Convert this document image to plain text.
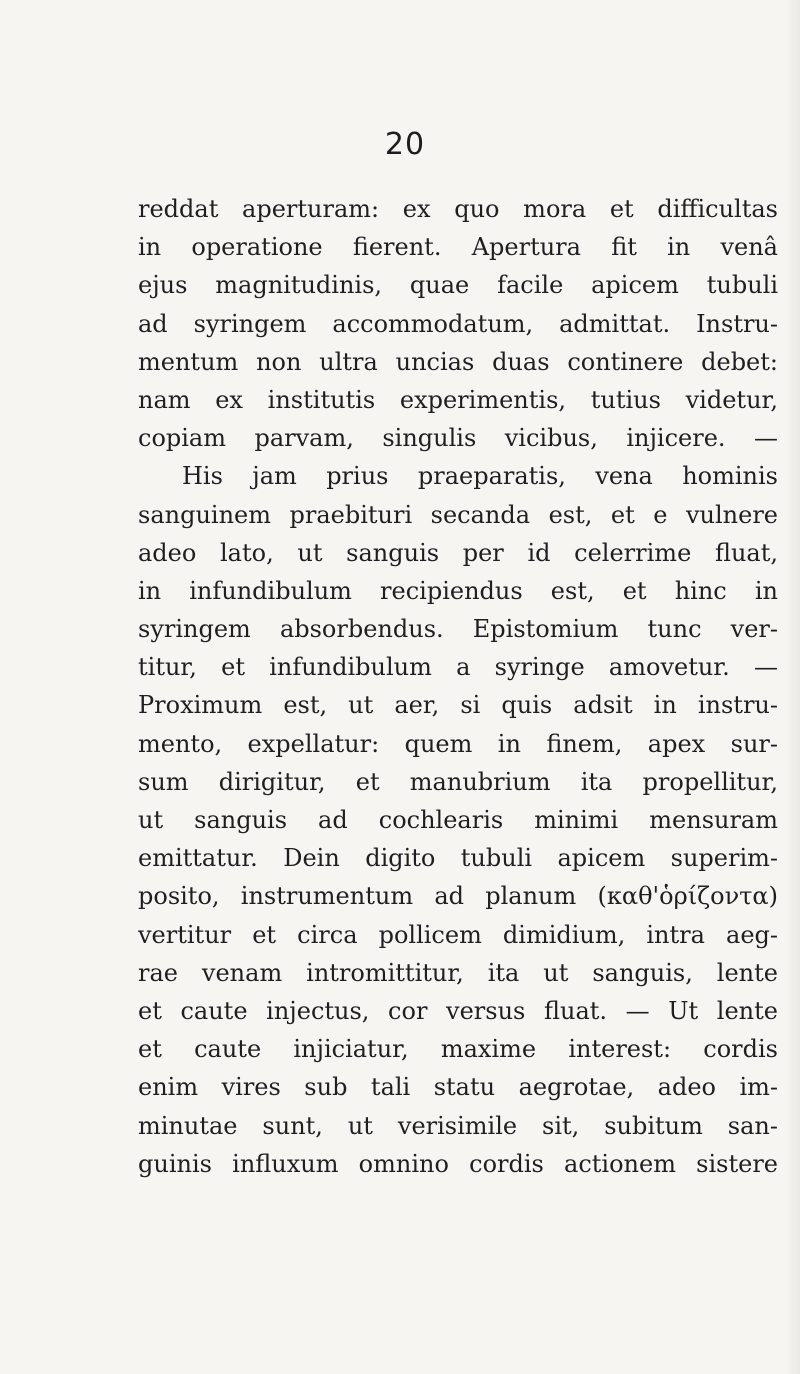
20
reddat aperturam: ex quo mora et difficultas
in operatione fierent. Apertura fit in venâ
ejus magnitudinis, quae facile apicem tubuli
ad syringem accommodatum, admittat. Instru-
mentum non ultra uncias duas continere debet:
nam ex institutis experimentis, tutius videtur,
copiam parvam, singulis vicibus, injicere. —
His jam prius praeparatis, vena hominis
sanguinem praebituri secanda est, et e vulnere
adeo lato, ut sanguis per id celerrime fluat,
in infundibulum recipiendus est, et hinc in
syringem absorbendus. Epistomium tunc ver-
titur, et infundibulum a syringe amovetur. —
Proximum est, ut aer, si quis adsit in instru-
mento, expellatur: quem in finem, apex sur-
sum dirigitur, et manubrium ita propellitur,
ut sanguis ad cochlearis minimi mensuram
emittatur. Dein digito tubuli apicem superim-
posito, instrumentum ad planum (καθ'ὁρίζοντα)
vertitur et circa pollicem dimidium, intra aeg-
rae venam intromittitur, ita ut sanguis, lente
et caute injectus, cor versus fluat. — Ut lente
et caute injiciatur, maxime interest: cordis
enim vires sub tali statu aegrotae, adeo im-
minutae sunt, ut verisimile sit, subitum san-
guinis influxum omnino cordis actionem sistere
